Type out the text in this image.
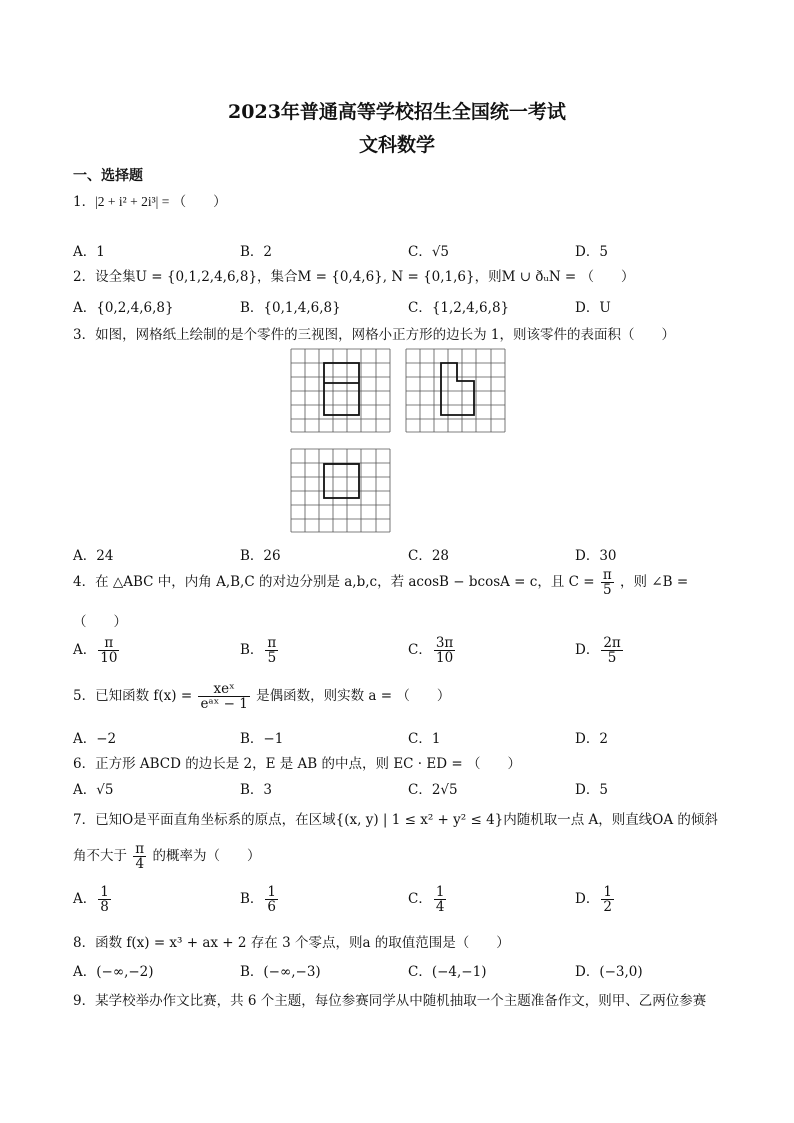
2023年普通高等学校招生全国统一考试
文科数学
一、选择题
1．|2 + i² + 2i³| = （　　）
A．1	B．2	C．√5	D．5
2．设全集U = {0,1,2,4,6,8}，集合M = {0,4,6}, N = {0,1,6}，则M ∪ ðᵤN = （　　）
A．{0,2,4,6,8}	B．{0,1,4,6,8}	C．{1,2,4,6,8}	D．U
3．如图，网格纸上绘制的是个零件的三视图，网格小正方形的边长为 1，则该零件的表面积（　　）
A．24	B．26	C．28	D．30
4．在 △ABC 中，内角 A,B,C 的对边分别是 a,b,c，若 acosB − bcosA = c，且 $C = \frac{\pi}{5}$ ，则 ∠B =
（　　）
A． $\frac{\pi}{10}$	B． $\frac{\pi}{5}$	C． $\frac{3\pi}{10}$	D． $\frac{2\pi}{5}$
5．已知函数 $f(x) = \frac{\text{xeˣ}}{\text{eᵃˣ − 1}}$ 是偶函数，则实数 a = （　　）
A．−2	B．−1	C．1	D．2
6．正方形 ABCD 的边长是 2，E 是 AB 的中点，则 EC · ED = （　　）
A．√5	B．3	C．2√5	D．5
7．已知O是平面直角坐标系的原点，在区域{(x, y) | 1 ≤ x² + y² ≤ 4}内随机取一点 A，则直线OA 的倾斜
角不大于 $\frac{\pi}{4}$ 的概率为（　　）
A． $\frac{1}{8}$	B． $\frac{1}{6}$	C． $\frac{1}{4}$	D． $\frac{1}{2}$
8．函数 f(x) = x³ + ax + 2 存在 3 个零点，则a 的取值范围是（　　）
A．(−∞,−2)	B．(−∞,−3)	C．(−4,−1)	D．(−3,0)
9．某学校举办作文比赛，共 6 个主题，每位参赛同学从中随机抽取一个主题准备作文，则甲、乙两位参赛
